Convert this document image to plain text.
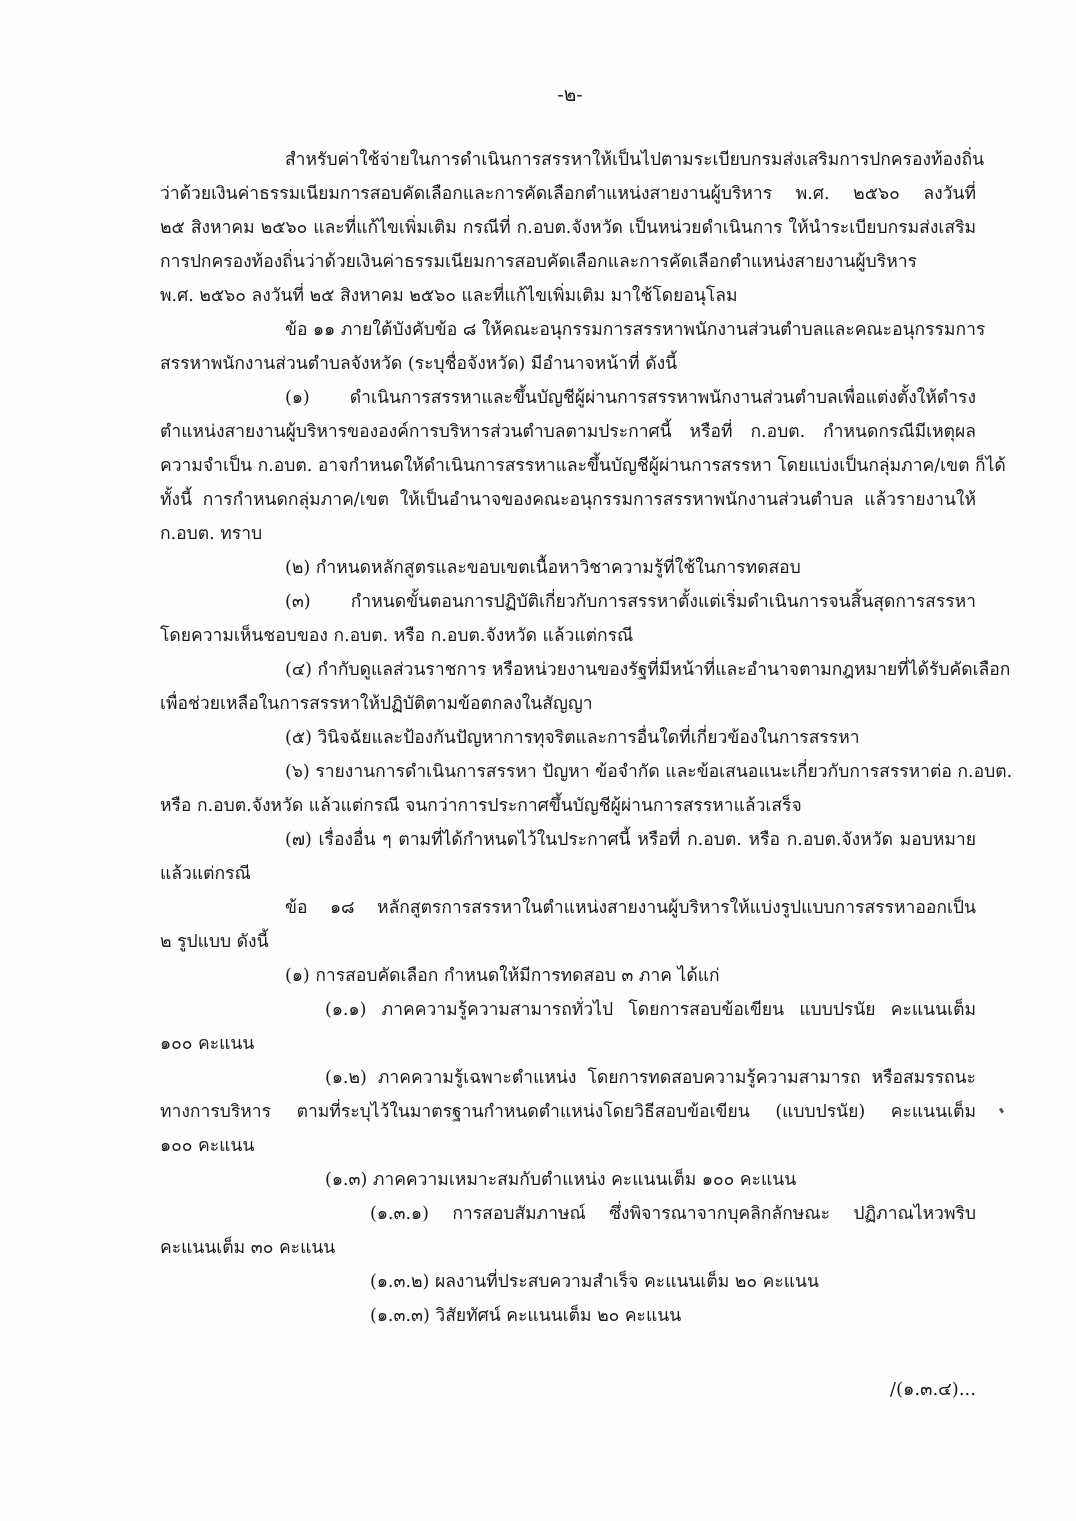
-๒-
สำหรับค่าใช้จ่ายในการดำเนินการสรรหาให้เป็นไปตามระเบียบกรมส่งเสริมการปกครองท้องถิ่น
ว่าด้วยเงินค่าธรรมเนียมการสอบคัดเลือกและการคัดเลือกตำแหน่งสายงานผู้บริหาร พ.ศ. ๒๕๖๐ ลงวันที่
๒๕ สิงหาคม ๒๕๖๐ และที่แก้ไขเพิ่มเติม กรณีที่ ก.อบต.จังหวัด เป็นหน่วยดำเนินการ ให้นำระเบียบกรมส่งเสริม
การปกครองท้องถิ่นว่าด้วยเงินค่าธรรมเนียมการสอบคัดเลือกและการคัดเลือกตำแหน่งสายงานผู้บริหาร
พ.ศ. ๒๕๖๐ ลงวันที่ ๒๕ สิงหาคม ๒๕๖๐ และที่แก้ไขเพิ่มเติม มาใช้โดยอนุโลม
ข้อ ๑๑ ภายใต้บังคับข้อ ๘ ให้คณะอนุกรรมการสรรหาพนักงานส่วนตำบลและคณะอนุกรรมการ
สรรหาพนักงานส่วนตำบลจังหวัด (ระบุชื่อจังหวัด) มีอำนาจหน้าที่ ดังนี้
(๑) ดำเนินการสรรหาและขึ้นบัญชีผู้ผ่านการสรรหาพนักงานส่วนตำบลเพื่อแต่งตั้งให้ดำรง
ตำแหน่งสายงานผู้บริหารขององค์การบริหารส่วนตำบลตามประกาศนี้ หรือที่ ก.อบต. กำหนดกรณีมีเหตุผล
ความจำเป็น ก.อบต. อาจกำหนดให้ดำเนินการสรรหาและขึ้นบัญชีผู้ผ่านการสรรหา โดยแบ่งเป็นกลุ่มภาค/เขต ก็ได้
ทั้งนี้ การกำหนดกลุ่มภาค/เขต ให้เป็นอำนาจของคณะอนุกรรมการสรรหาพนักงานส่วนตำบล แล้วรายงานให้
ก.อบต. ทราบ
(๒) กำหนดหลักสูตรและขอบเขตเนื้อหาวิชาความรู้ที่ใช้ในการทดสอบ
(๓) กำหนดขั้นตอนการปฏิบัติเกี่ยวกับการสรรหาตั้งแต่เริ่มดำเนินการจนสิ้นสุดการสรรหา
โดยความเห็นชอบของ ก.อบต. หรือ ก.อบต.จังหวัด แล้วแต่กรณี
(๔) กำกับดูแลส่วนราชการ หรือหน่วยงานของรัฐที่มีหน้าที่และอำนาจตามกฎหมายที่ได้รับคัดเลือก
เพื่อช่วยเหลือในการสรรหาให้ปฏิบัติตามข้อตกลงในสัญญา
(๕) วินิจฉัยและป้องกันปัญหาการทุจริตและการอื่นใดที่เกี่ยวข้องในการสรรหา
(๖) รายงานการดำเนินการสรรหา ปัญหา ข้อจำกัด และข้อเสนอแนะเกี่ยวกับการสรรหาต่อ ก.อบต.
หรือ ก.อบต.จังหวัด แล้วแต่กรณี จนกว่าการประกาศขึ้นบัญชีผู้ผ่านการสรรหาแล้วเสร็จ
(๗) เรื่องอื่น ๆ ตามที่ได้กำหนดไว้ในประกาศนี้ หรือที่ ก.อบต. หรือ ก.อบต.จังหวัด มอบหมาย
แล้วแต่กรณี
ข้อ ๑๘ หลักสูตรการสรรหาในตำแหน่งสายงานผู้บริหารให้แบ่งรูปแบบการสรรหาออกเป็น
๒ รูปแบบ ดังนี้
(๑) การสอบคัดเลือก กำหนดให้มีการทดสอบ ๓ ภาค ได้แก่
(๑.๑) ภาคความรู้ความสามารถทั่วไป โดยการสอบข้อเขียน แบบปรนัย คะแนนเต็ม
๑๐๐ คะแนน
(๑.๒) ภาคความรู้เฉพาะตำแหน่ง โดยการทดสอบความรู้ความสามารถ หรือสมรรถนะ
ทางการบริหาร ตามที่ระบุไว้ในมาตรฐานกำหนดตำแหน่งโดยวิธีสอบข้อเขียน (แบบปรนัย) คะแนนเต็ม
๑๐๐ คะแนน
(๑.๓) ภาคความเหมาะสมกับตำแหน่ง คะแนนเต็ม ๑๐๐ คะแนน
(๑.๓.๑) การสอบสัมภาษณ์ ซึ่งพิจารณาจากบุคลิกลักษณะ ปฏิภาณไหวพริบ
คะแนนเต็ม ๓๐ คะแนน
(๑.๓.๒) ผลงานที่ประสบความสำเร็จ คะแนนเต็ม ๒๐ คะแนน
(๑.๓.๓) วิสัยทัศน์ คะแนนเต็ม ๒๐ คะแนน
/(๑.๓.๔)...
